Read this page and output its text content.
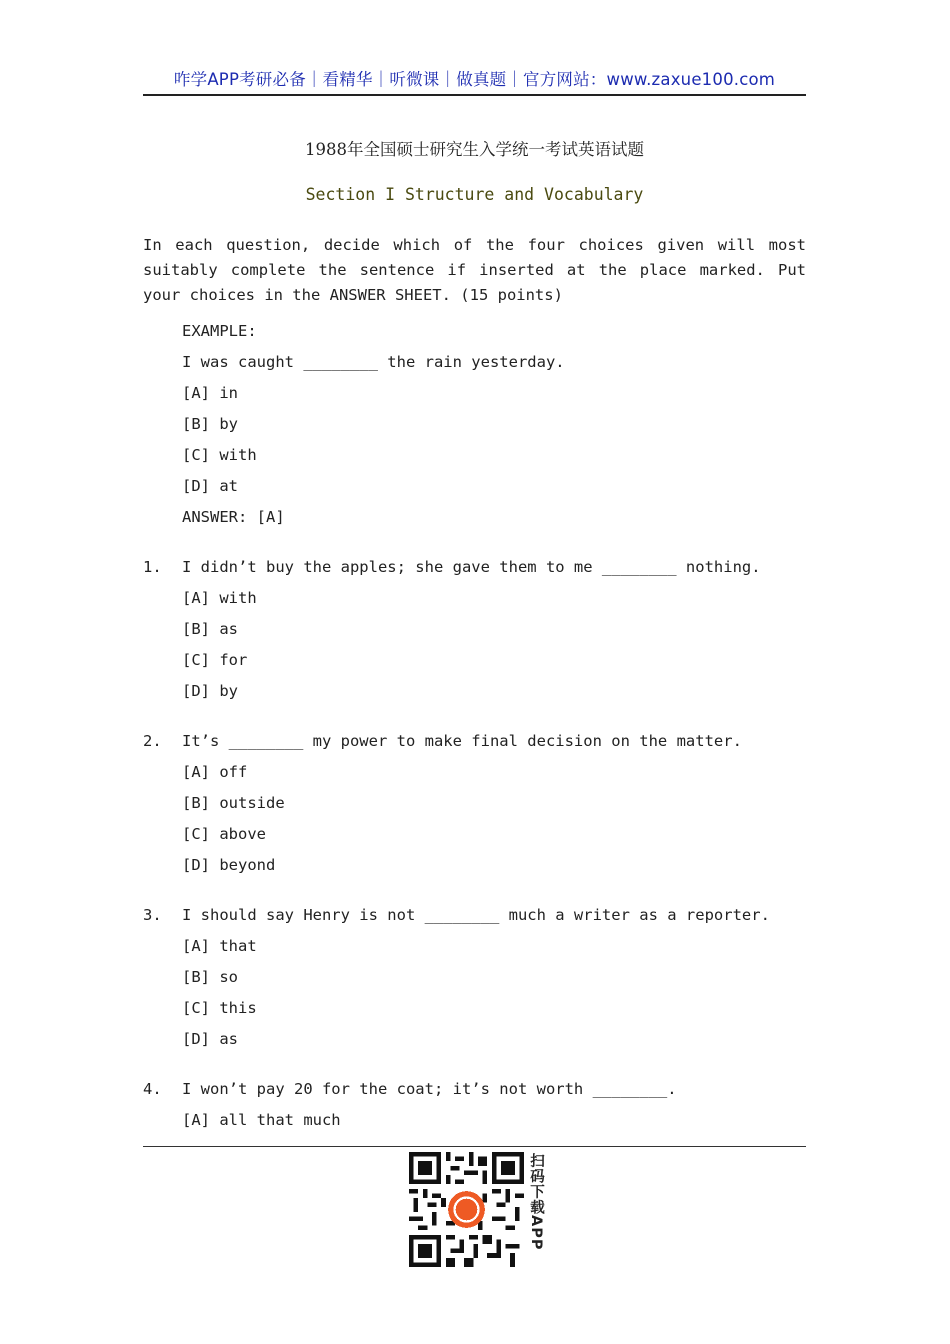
咋学APP考研必备｜看精华｜听微课｜做真题｜官方网站：www.zaxue100.com
1988年全国硕士研究生入学统一考试英语试题
Section I Structure and Vocabulary
In each question, decide which of the four choices given will most suitably complete the sentence if inserted at the place marked. Put your choices in the ANSWER SHEET. (15 points)
EXAMPLE:
I was caught ________ the rain yesterday.
[A] in
[B] by
[C] with
[D] at
ANSWER: [A]
1. I didn’t buy the apples; she gave them to me ________ nothing.
[A] with
[B] as
[C] for
[D] by
2. It’s ________ my power to make final decision on the matter.
[A] off
[B] outside
[C] above
[D] beyond
3. I should say Henry is not ________ much a writer as a reporter.
[A] that
[B] so
[C] this
[D] as
4. I won’t pay 20 for the coat; it’s not worth ________.
[A] all that much
扫码下载APP
